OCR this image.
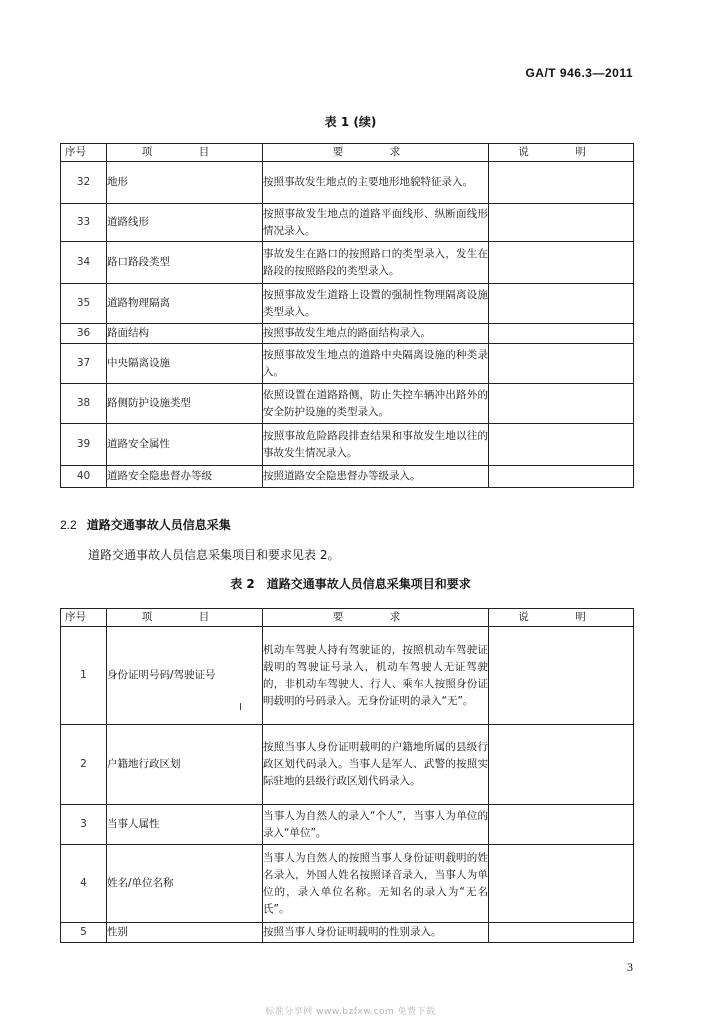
GA/T 946.3—2011
表 1 (续)
序号	项　目	要　求	说　明
32	地形	按照事故发生地点的主要地形地貌特征录入。	
33	道路线形	按照事故发生地点的道路平面线形、纵断面线形情况录入。	
34	路口路段类型	事故发生在路口的按照路口的类型录入，发生在路段的按照路段的类型录入。	
35	道路物理隔离	按照事故发生道路上设置的强制性物理隔离设施类型录入。	
36	路面结构	按照事故发生地点的路面结构录入。	
37	中央隔离设施	按照事故发生地点的道路中央隔离设施的种类录入。	
38	路侧防护设施类型	依照设置在道路路侧，防止失控车辆冲出路外的安全防护设施的类型录入。	
39	道路安全属性	按照事故危险路段排查结果和事故发生地以往的事故发生情况录入。	
40	道路安全隐患督办等级	按照道路安全隐患督办等级录入。	
2.2 道路交通事故人员信息采集
道路交通事故人员信息采集项目和要求见表 2。
表 2　道路交通事故人员信息采集项目和要求
序号	项　目	要　求	说　明
1	身份证明号码/驾驶证号	机动车驾驶人持有驾驶证的，按照机动车驾驶证载明的驾驶证号录入，机动车驾驶人无证驾驶的，非机动车驾驶人、行人、乘车人按照身份证明载明的号码录入。无身份证明的录入“无”。	
2	户籍地行政区划	按照当事人身份证明载明的户籍地所属的县级行政区划代码录入。当事人是军人、武警的按照实际驻地的县级行政区划代码录入。	
3	当事人属性	当事人为自然人的录入“个人”，当事人为单位的录入“单位”。	
4	姓名/单位名称	当事人为自然人的按照当事人身份证明载明的姓名录入，外国人姓名按照译音录入，当事人为单位的，录入单位名称。无知名的录入为“无名氏”。	
5	性别	按照当事人身份证明载明的性别录入。	
3
标准分享网 www.bzfxw.com 免费下载
